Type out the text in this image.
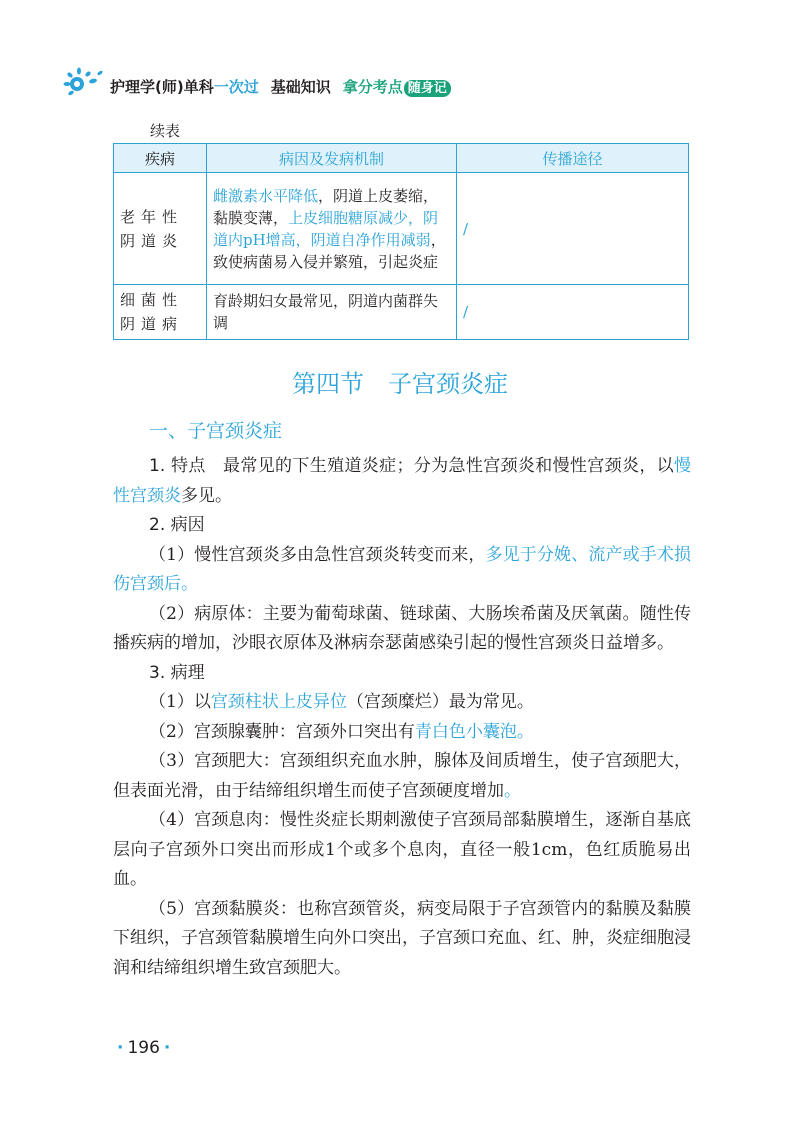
护理学(师)单科一次过 基础知识 拿分考点 随身记
续表
疾病	病因及发病机制	传播途径
老年性阴道炎	雌激素水平降低，阴道上皮萎缩，黏膜变薄，上皮细胞糖原减少，阴道内pH增高，阴道自净作用减弱，致使病菌易入侵并繁殖，引起炎症	/
细菌性阴道病	育龄期妇女最常见，阴道内菌群失调	/
第四节　子宫颈炎症
一、子宫颈炎症

1. 特点　最常见的下生殖道炎症；分为急性宫颈炎和慢性宫颈炎，以慢性宫颈炎多见。

2. 病因

（1）慢性宫颈炎多由急性宫颈炎转变而来，多见于分娩、流产或手术损伤宫颈后。

（2）病原体：主要为葡萄球菌、链球菌、大肠埃希菌及厌氧菌。随性传播疾病的增加，沙眼衣原体及淋病奈瑟菌感染引起的慢性宫颈炎日益增多。

3. 病理

（1）以宫颈柱状上皮异位（宫颈糜烂）最为常见。

（2）宫颈腺囊肿：宫颈外口突出有青白色小囊泡。

（3）宫颈肥大：宫颈组织充血水肿，腺体及间质增生，使子宫颈肥大，但表面光滑，由于结缔组织增生而使子宫颈硬度增加。

（4）宫颈息肉：慢性炎症长期刺激使子宫颈局部黏膜增生，逐渐自基底层向子宫颈外口突出而形成1个或多个息肉，直径一般1cm，色红质脆易出血。

（5）宫颈黏膜炎：也称宫颈管炎，病变局限于子宫颈管内的黏膜及黏膜下组织，子宫颈管黏膜增生向外口突出，子宫颈口充血、红、肿，炎症细胞浸润和结缔组织增生致宫颈肥大。

· 196 ·
